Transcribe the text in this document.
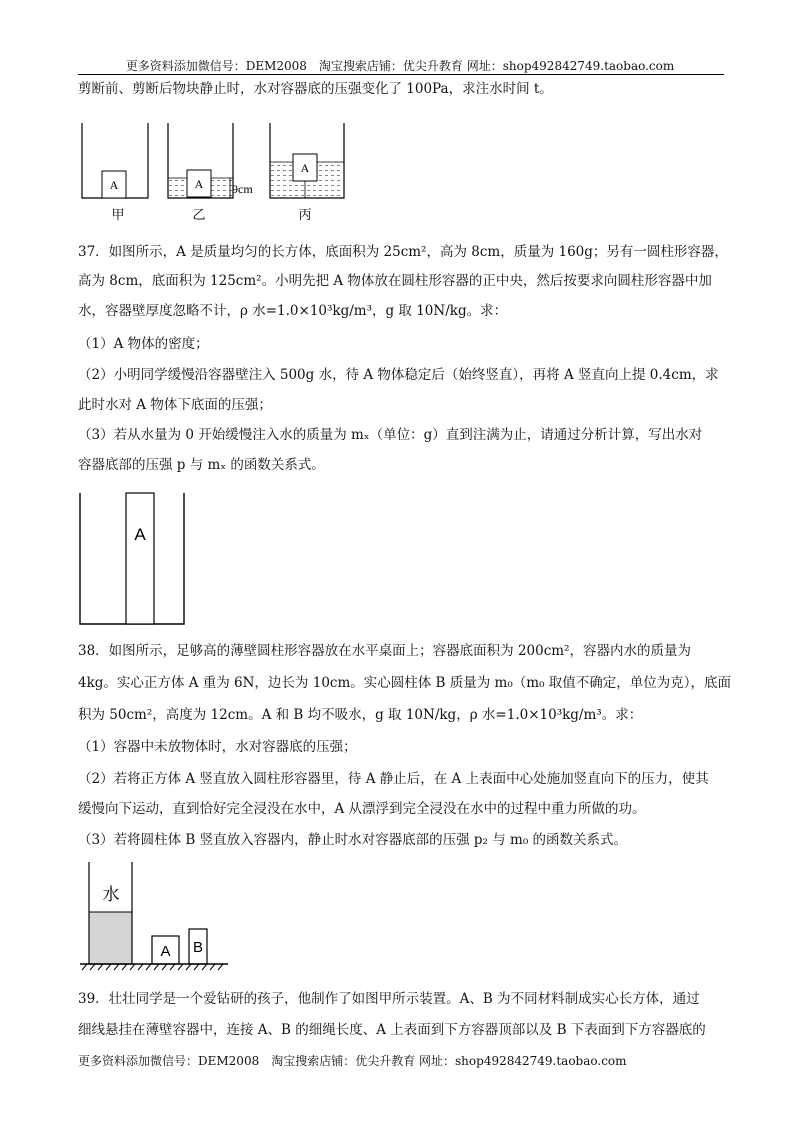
更多资料添加微信号：DEM2008　淘宝搜索店铺：优尖升教育 网址：shop492842749.taobao.com
剪断前、剪断后物块静止时，水对容器底的压强变化了 100Pa，求注水时间 t。
A
甲
A 9cm
乙
A
丙
37．如图所示，A 是质量均匀的长方体，底面积为 25cm²，高为 8cm，质量为 160g；另有一圆柱形容器，
高为 8cm，底面积为 125cm²。小明先把 A 物体放在圆柱形容器的正中央，然后按要求向圆柱形容器中加
水，容器壁厚度忽略不计，ρ 水=1.0×10³kg/m³，g 取 10N/kg。求：
（1）A 物体的密度；
（2）小明同学缓慢沿容器壁注入 500g 水，待 A 物体稳定后（始终竖直），再将 A 竖直向上提 0.4cm，求
此时水对 A 物体下底面的压强；
（3）若从水量为 0 开始缓慢注入水的质量为 mₓ（单位：g）直到注满为止，请通过分析计算，写出水对
容器底部的压强 p 与 mₓ 的函数关系式。
A
38．如图所示，足够高的薄壁圆柱形容器放在水平桌面上；容器底面积为 200cm²，容器内水的质量为
4kg。实心正方体 A 重为 6N，边长为 10cm。实心圆柱体 B 质量为 m₀（m₀ 取值不确定，单位为克），底面
积为 50cm²，高度为 12cm。A 和 B 均不吸水，g 取 10N/kg，ρ 水=1.0×10³kg/m³。求：
（1）容器中未放物体时，水对容器底的压强；
（2）若将正方体 A 竖直放入圆柱形容器里，待 A 静止后，在 A 上表面中心处施加竖直向下的压力，使其
缓慢向下运动，直到恰好完全浸没在水中，A 从漂浮到完全浸没在水中的过程中重力所做的功。
（3）若将圆柱体 B 竖直放入容器内，静止时水对容器底部的压强 p₂ 与 m₀ 的函数关系式。
水
A B
39．壮壮同学是一个爱钻研的孩子，他制作了如图甲所示装置。A、B 为不同材料制成实心长方体，通过
细线悬挂在薄壁容器中，连接 A、B 的细绳长度、A 上表面到下方容器顶部以及 B 下表面到下方容器底的
更多资料添加微信号：DEM2008　淘宝搜索店铺：优尖升教育 网址：shop492842749.taobao.com
